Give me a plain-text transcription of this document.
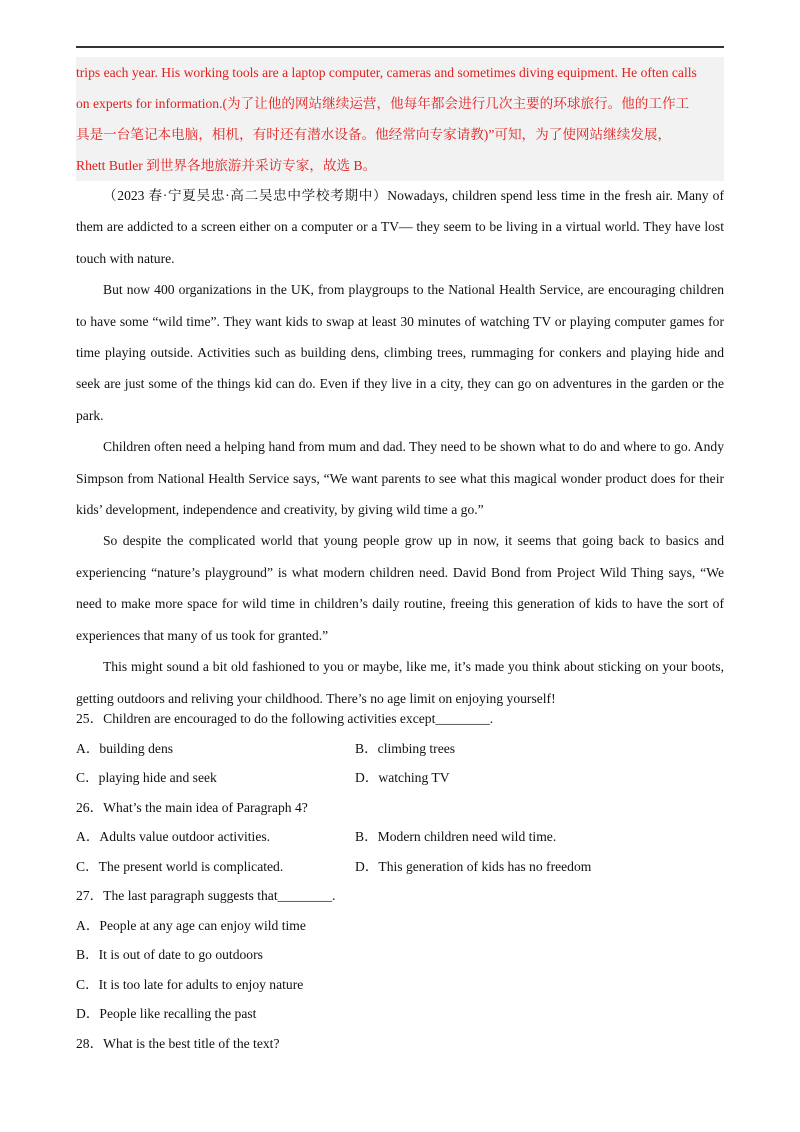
trips each year. His working tools are a laptop computer, cameras and sometimes diving equipment. He often calls
on experts for information.(为了让他的网站继续运营，他每年都会进行几次主要的环球旅行。他的工作工
具是一台笔记本电脑，相机，有时还有潜水设备。他经常向专家请教)”可知，为了使网站继续发展，
Rhett Butler 到世界各地旅游并采访专家，故选 B。

（2023 春·宁夏吴忠·高二吴忠中学校考期中）Nowadays, children spend less time in the fresh air. Many of them are addicted to a screen either on a computer or a TV— they seem to be living in a virtual world. They have lost touch with nature.

But now 400 organizations in the UK, from playgroups to the National Health Service, are encouraging children to have some “wild time”. They want kids to swap at least 30 minutes of watching TV or playing computer games for time playing outside. Activities such as building dens, climbing trees, rummaging for conkers and playing hide and seek are just some of the things kid can do. Even if they live in a city, they can go on adventures in the garden or the park.

Children often need a helping hand from mum and dad. They need to be shown what to do and where to go. Andy Simpson from National Health Service says, “We want parents to see what this magical wonder product does for their kids’ development, independence and creativity, by giving wild time a go.”

So despite the complicated world that young people grow up in now, it seems that going back to basics and experiencing “nature’s playground” is what modern children need. David Bond from Project Wild Thing says, “We need to make more space for wild time in children’s daily routine, freeing this generation of kids to have the sort of experiences that many of us took for granted.”

This might sound a bit old fashioned to you or maybe, like me, it’s made you think about sticking on your boots, getting outdoors and reliving your childhood. There’s no age limit on enjoying yourself!

25．Children are encouraged to do the following activities except________.
A．building dens	B．climbing trees
C．playing hide and seek	D．watching TV
26．What’s the main idea of Paragraph 4?
A．Adults value outdoor activities.	B．Modern children need wild time.
C．The present world is complicated.	D．This generation of kids has no freedom
27．The last paragraph suggests that________.
A．People at any age can enjoy wild time
B．It is out of date to go outdoors
C．It is too late for adults to enjoy nature
D．People like recalling the past
28．What is the best title of the text?
